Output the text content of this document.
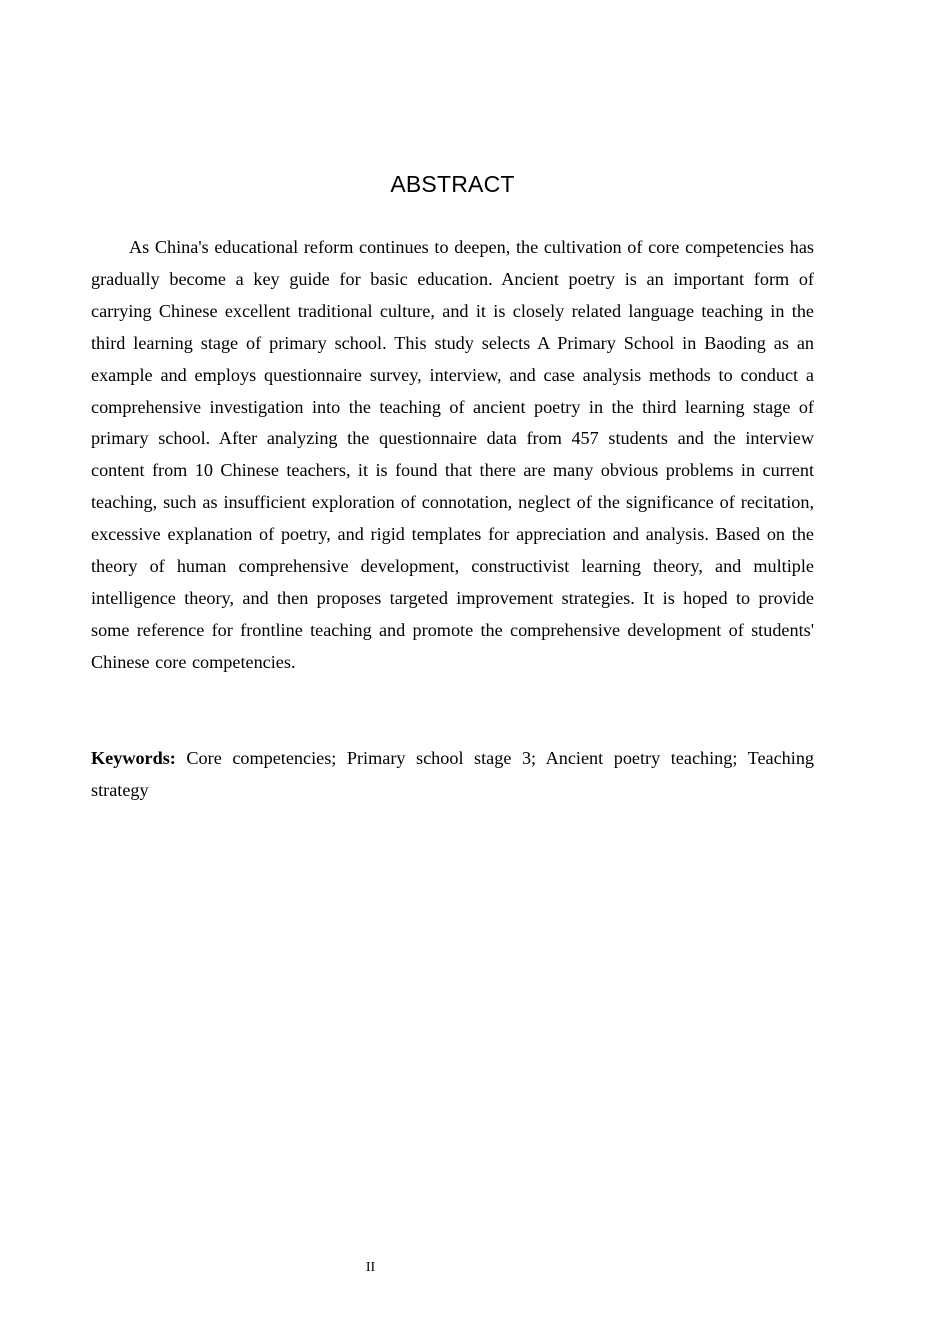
ABSTRACT

As China's educational reform continues to deepen, the cultivation of core competencies has gradually become a key guide for basic education. Ancient poetry is an important form of carrying Chinese excellent traditional culture, and it is closely related language teaching in the third learning stage of primary school. This study selects A Primary School in Baoding as an example and employs questionnaire survey, interview, and case analysis methods to conduct a comprehensive investigation into the teaching of ancient poetry in the third learning stage of primary school. After analyzing the questionnaire data from 457 students and the interview content from 10 Chinese teachers, it is found that there are many obvious problems in current teaching, such as insufficient exploration of connotation, neglect of the significance of recitation, excessive explanation of poetry, and rigid templates for appreciation and analysis. Based on the theory of human comprehensive development, constructivist learning theory, and multiple intelligence theory, and then proposes targeted improvement strategies. It is hoped to provide some reference for frontline teaching and promote the comprehensive development of students' Chinese core competencies.

Keywords: Core competencies; Primary school stage 3; Ancient poetry teaching; Teaching strategy

II
